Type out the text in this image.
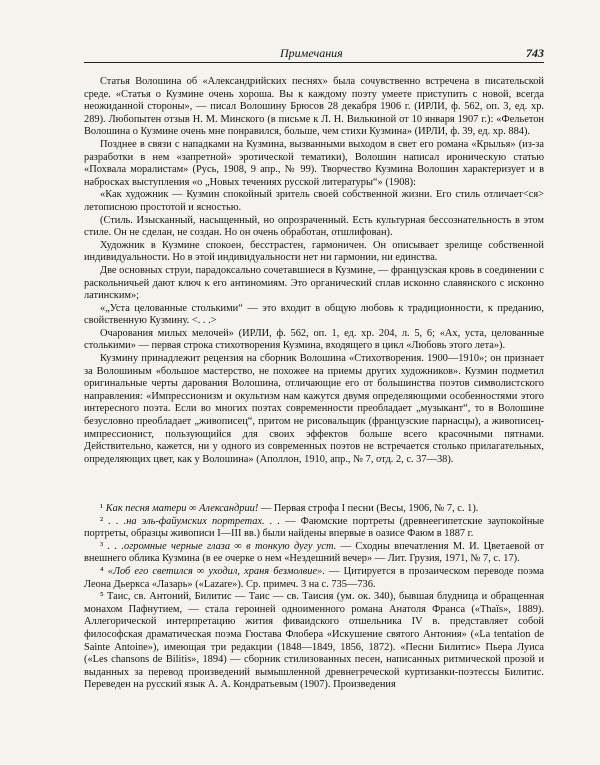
Примечания	743

Статья Волошина об «Александрийских песнях» была сочувственно встречена в писательской среде. «Статья о Кузмине очень хороша. Вы к каждому поэту умеете приступить с новой, всегда неожиданной стороны», — писал Волошину Брюсов 28 декабря 1906 г. (ИРЛИ, ф. 562, оп. 3, ед. хр. 289). Любопытен отзыв Н. М. Минского (в письме к Л. Н. Вилькиной от 10 января 1907 г.): «Фельетон Волошина о Кузмине очень мне понравился, больше, чем стихи Кузмина» (ИРЛИ, ф. 39, ед. хр. 884).

Позднее в связи с нападками на Кузмина, вызванными выходом в свет его романа «Крылья» (из-за разработки в нем «запретной» эротической тематики), Волошин написал ироническую статью «Похвала моралистам» (Русь, 1908, 9 апр., № 99). Творчество Кузмина Волошин характеризует и в набросках выступления «о „Новых течениях русской литературы“» (1908):

«Как художник — Кузмин спокойный зритель своей собственной жизни. Его стиль отличает<ся> летописною простотой и ясностью.

(Стиль. Изысканный, насыщенный, но опрозраченный. Есть культурная бессознательность в этом стиле. Он не сделан, не создан. Но он очень обработан, отшлифован).

Художник в Кузмине спокоен, бесстрастен, гармоничен. Он описывает зрелище собственной индивидуальности. Но в этой индивидуальности нет ни гармонии, ни единства.

Две основных струи, парадоксально сочетавшиеся в Кузмине, — французская кровь в соединении с раскольничьей дают ключ к его антиномиям. Это органический сплав исконно славянского с исконно латинским»;

«„Уста целованные столькими“ — это входит в общую любовь к традиционности, к преданию, свойственную Кузмину. <. . .>

Очарования милых мелочей» (ИРЛИ, ф. 562, оп. 1, ед. хр. 204, л. 5, 6; «Ах, уста, целованные столькими» — первая строка стихотворения Кузмина, входящего в цикл «Любовь этого лета»).

Кузмину принадлежит рецензия на сборник Волошина «Стихотворения. 1900—1910»; он признает за Волошиным «большое мастерство, не похожее на приемы других художников». Кузмин подметил оригинальные черты дарования Волошина, отличающие его от большинства поэтов символистского направления: «Импрессионизм и окультизм нам кажутся двумя определяющими особенностями этого интересного поэта. Если во многих поэтах современности преобладает „музыкант“, то в Волошине безусловно преобладает „живописец“, притом не рисовальщик (французские парнасцы), а живописец-импрессионист, пользующийся для своих эффектов больше всего красочными пятнами. Действительно, кажется, ни у одного из современных поэтов не встречается столько прилагательных, определяющих цвет, как у Волошина» (Аполлон, 1910, апр., № 7, отд. 2, с. 37—38).

¹ Как песня матери ∞ Александрии! — Первая строфа I песни (Весы, 1906, № 7, с. 1).

² . . .на эль-файумских портретах. . . — Фаюмские портреты (древнеегипетские заупокойные портреты, образцы живописи I—III вв.) были найдены впервые в оазисе Фаюм в 1887 г.

³ . . .огромные черные глаза ∞ в тонкую дугу уст. — Сходны впечатления М. И. Цветаевой от внешнего облика Кузмина (в ее очерке о нем «Нездешний вечер» — Лит. Грузия, 1971, № 7, с. 17).

⁴ «Лоб его светился ∞ уходил, храня безмолвие». — Цитируется в прозаическом переводе поэма Леона Дьеркса «Лазарь» («Lazare»). Ср. примеч. 3 на с. 735—736.

⁵ Таис, св. Антоний, Билитис — Таис — св. Таисия (ум. ок. 340), бывшая блудница и обращенная монахом Пафнутием, — стала героиней одноименного романа Анатоля Франса («Thaïs», 1889). Аллегорической интерпретацию жития фиваидского отшельника IV в. представляет собой философская драматическая поэма Гюстава Флобера «Искушение святого Антония» («La tentation de Sainte Antoine»), имеющая три редакции (1848—1849, 1856, 1872). «Песни Билитис» Пьера Луиса («Les chansons de Bilitis», 1894) — сборник стилизованных песен, написанных ритмической прозой и выданных за перевод произведений вымышленной древнегреческой куртизанки-поэтессы Билитис. Переведен на русский язык А. А. Кондратьевым (1907). Произведения
